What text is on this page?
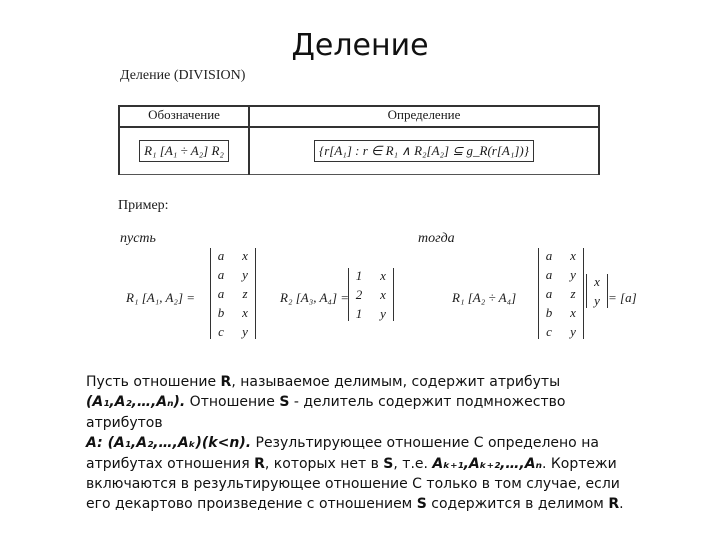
Деление
Деление (DIVISION)
Обозначение	Определение
R₁ [A₁ ÷ A₂] R₂	{r[A₁] : r ∈ R₁ ∧ R₂[A₂] ⊆ g_R(r[A₁])}
Пример:
пусть	тогда
R₁ [A₁, A₂] =
a x
a y
a z
b x
c y
R₂ [A₃, A₄] =
1 x
2 x
1 y
R₁ [A₂ ÷ A₄]
a x
a y
a z
b x
c y
x
y = [a]
Пусть отношение R, называемое делимым, содержит атрибуты
(A₁,A₂,…,Aₙ). Отношение S - делитель содержит подмножество атрибутов
A: (A₁,A₂,…,Aₖ)(k<n). Результирующее отношение С определено на
атрибутах отношения R, которых нет в S, т.е. Aₖ₊₁,Aₖ₊₂,…,Aₙ. Кортежи
включаются в результирующее отношение С только в том случае, если
его декартово произведение с отношением S содержится в делимом R.
